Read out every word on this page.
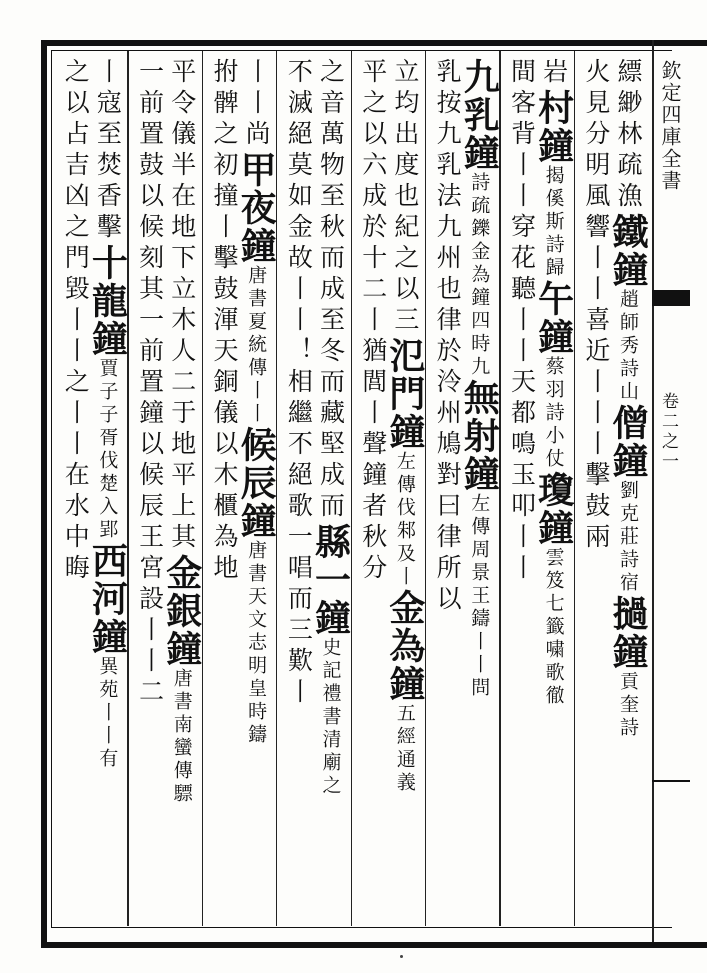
欽定四庫全書
卷二之一
縹緲林疏漁鐵鐘趙師秀詩山僧鐘劉克莊詩宿撾鐘貢奎詩
火見分明風響丨丨喜近丨丨丨擊鼓兩
岩村鐘揭傒斯詩歸午鐘蔡羽詩小仗瓊鐘雲笈七籤嘨歌徹
間客背丨丨穿花聽丨丨天都鳴玉叩丨丨
九乳鐘詩疏鑠金為鐘四時九無射鐘左傳周景王鑄丨丨問
乳按九乳法九州也律於泠州鳩對曰律所以
立均出度也紀之以三氾門鐘左傳伐邾及丨金為鐘五經通義
平之以六成於十二丨猶閭丨聲鐘者秋分
之音萬物至秋而成至冬而藏堅成而縣一鐘史記禮書清廟之
不滅絕莫如金故丨丨！相繼不絕歌一唱而三歎丨
丨丨尚甲夜鐘唐書夏統傳丨丨候辰鐘唐書天文志明皇時鑄
拊髀之初撞丨擊鼓渾天銅儀以木櫃為地
平令儀半在地下立木人二于地平上其金銀鐘唐書南蠻傳驃
一前置鼓以候刻其一前置鐘以候辰王宮設丨丨二
丨寇至焚香擊十龍鐘賈子子胥伐楚入郢西河鐘異苑丨丨有
之以占吉凶之門毀丨丨之丨丨在水中晦
